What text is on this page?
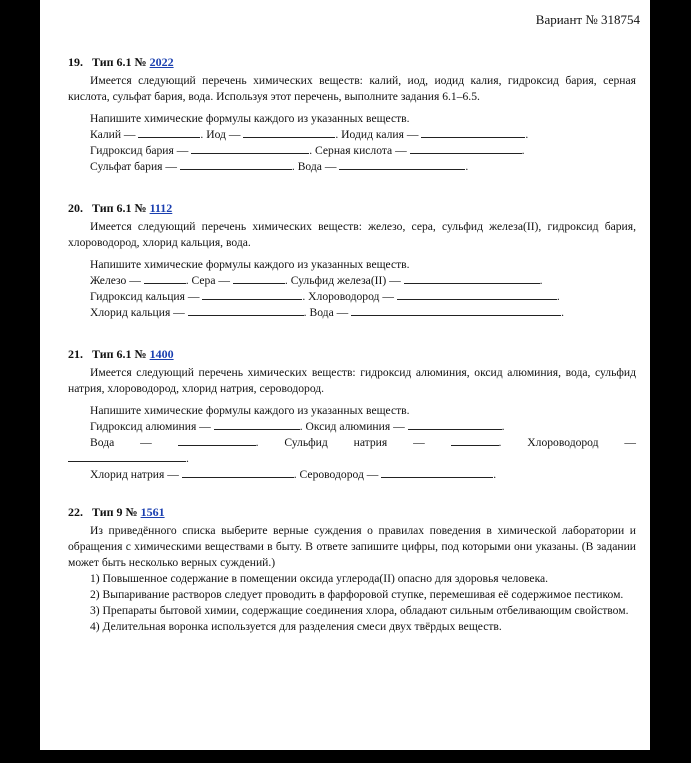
Вариант № 318754
19. Тип 6.1 № 2022
Имеется следующий перечень химических веществ: калий, иод, иодид калия, гидроксид бария, серная кислота, сульфат бария, вода. Используя этот перечень, выполните задания 6.1–6.5.
Напишите химические формулы каждого из указанных веществ.
Калий —	. Иод —	. Иодид калия —	.
Гидроксид бария —	. Серная кислота —	.
Сульфат бария —	. Вода —	.
20. Тип 6.1 № 1112
Имеется следующий перечень химических веществ: железо, сера, сульфид железа(II), гидроксид бария, хлороводород, хлорид кальция, вода.
Напишите химические формулы каждого из указанных веществ.
Железо —	. Сера —	. Сульфид железа(II) —	.
Гидроксид кальция —	. Хлороводород —	.
Хлорид кальция —	. Вода —	.
21. Тип 6.1 № 1400
Имеется следующий перечень химических веществ: гидроксид алюминия, оксид алюминия, вода, сульфид натрия, хлороводород, хлорид натрия, сероводород.
Напишите химические формулы каждого из указанных веществ.
Гидроксид алюминия —	. Оксид алюминия —	.
Вода —	. Сульфид натрия —	. Хлороводород —
.
Хлорид натрия —	. Сероводород —	.
22. Тип 9 № 1561
Из приведённого списка выберите верные суждения о правилах поведения в химической лаборатории и обращения с химическими веществами в быту. В ответе запишите цифры, под которыми они указаны. (В задании может быть несколько верных суждений.)
1) Повышенное содержание в помещении оксида углерода(II) опасно для здоровья человека.
2) Выпаривание растворов следует проводить в фарфоровой ступке, перемешивая её содержимое пестиком.
3) Препараты бытовой химии, содержащие соединения хлора, обладают сильным отбеливающим свойством.
4) Делительная воронка используется для разделения смеси двух твёрдых веществ.
